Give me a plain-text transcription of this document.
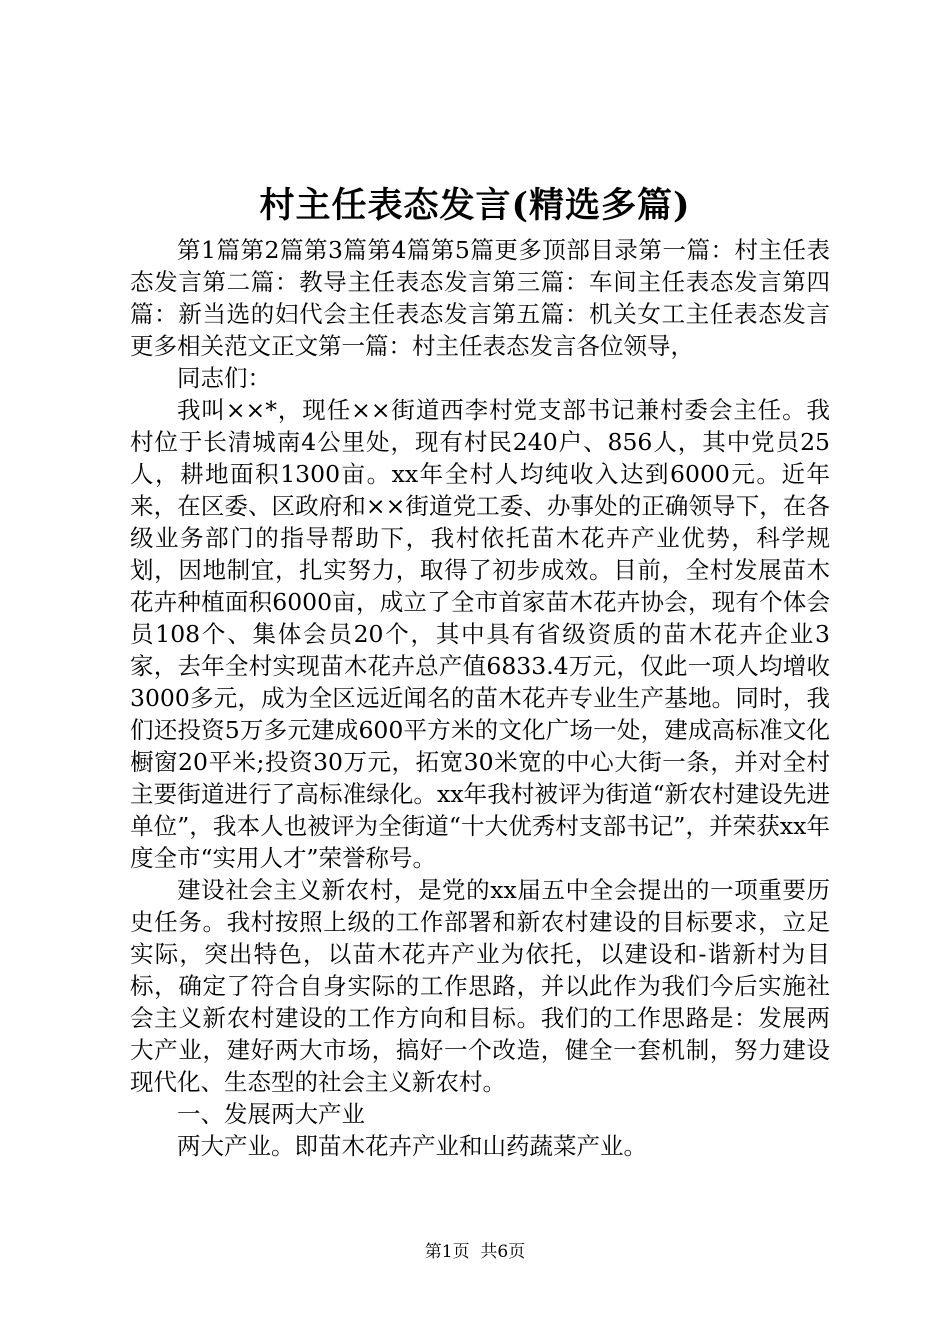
村主任表态发言(精选多篇)

第1篇第2篇第3篇第4篇第5篇更多顶部目录第一篇：村主任表态发言第二篇：教导主任表态发言第三篇：车间主任表态发言第四篇：新当选的妇代会主任表态发言第五篇：机关女工主任表态发言更多相关范文正文第一篇：村主任表态发言各位领导，

同志们：

我叫××*，现任××街道西李村党支部书记兼村委会主任。我村位于长清城南4公里处，现有村民240户、856人，其中党员25人，耕地面积1300亩。xx年全村人均纯收入达到6000元。近年来，在区委、区政府和××街道党工委、办事处的正确领导下，在各级业务部门的指导帮助下，我村依托苗木花卉产业优势，科学规划，因地制宜，扎实努力，取得了初步成效。目前，全村发展苗木花卉种植面积6000亩，成立了全市首家苗木花卉协会，现有个体会员108个、集体会员20个，其中具有省级资质的苗木花卉企业3家，去年全村实现苗木花卉总产值6833.4万元，仅此一项人均增收3000多元，成为全区远近闻名的苗木花卉专业生产基地。同时，我们还投资5万多元建成600平方米的文化广场一处，建成高标准文化橱窗20平米;投资30万元，拓宽30米宽的中心大街一条，并对全村主要街道进行了高标准绿化。xx年我村被评为街道“新农村建设先进单位”，我本人也被评为全街道“十大优秀村支部书记”，并荣获xx年度全市“实用人才”荣誉称号。

建设社会主义新农村，是党的xx届五中全会提出的一项重要历史任务。我村按照上级的工作部署和新农村建设的目标要求，立足实际，突出特色，以苗木花卉产业为依托，以建设和-谐新村为目标，确定了符合自身实际的工作思路，并以此作为我们今后实施社会主义新农村建设的工作方向和目标。我们的工作思路是：发展两大产业，建好两大市场，搞好一个改造，健全一套机制，努力建设现代化、生态型的社会主义新农村。

一、发展两大产业

两大产业。即苗木花卉产业和山药蔬菜产业。

第1页  共6页
